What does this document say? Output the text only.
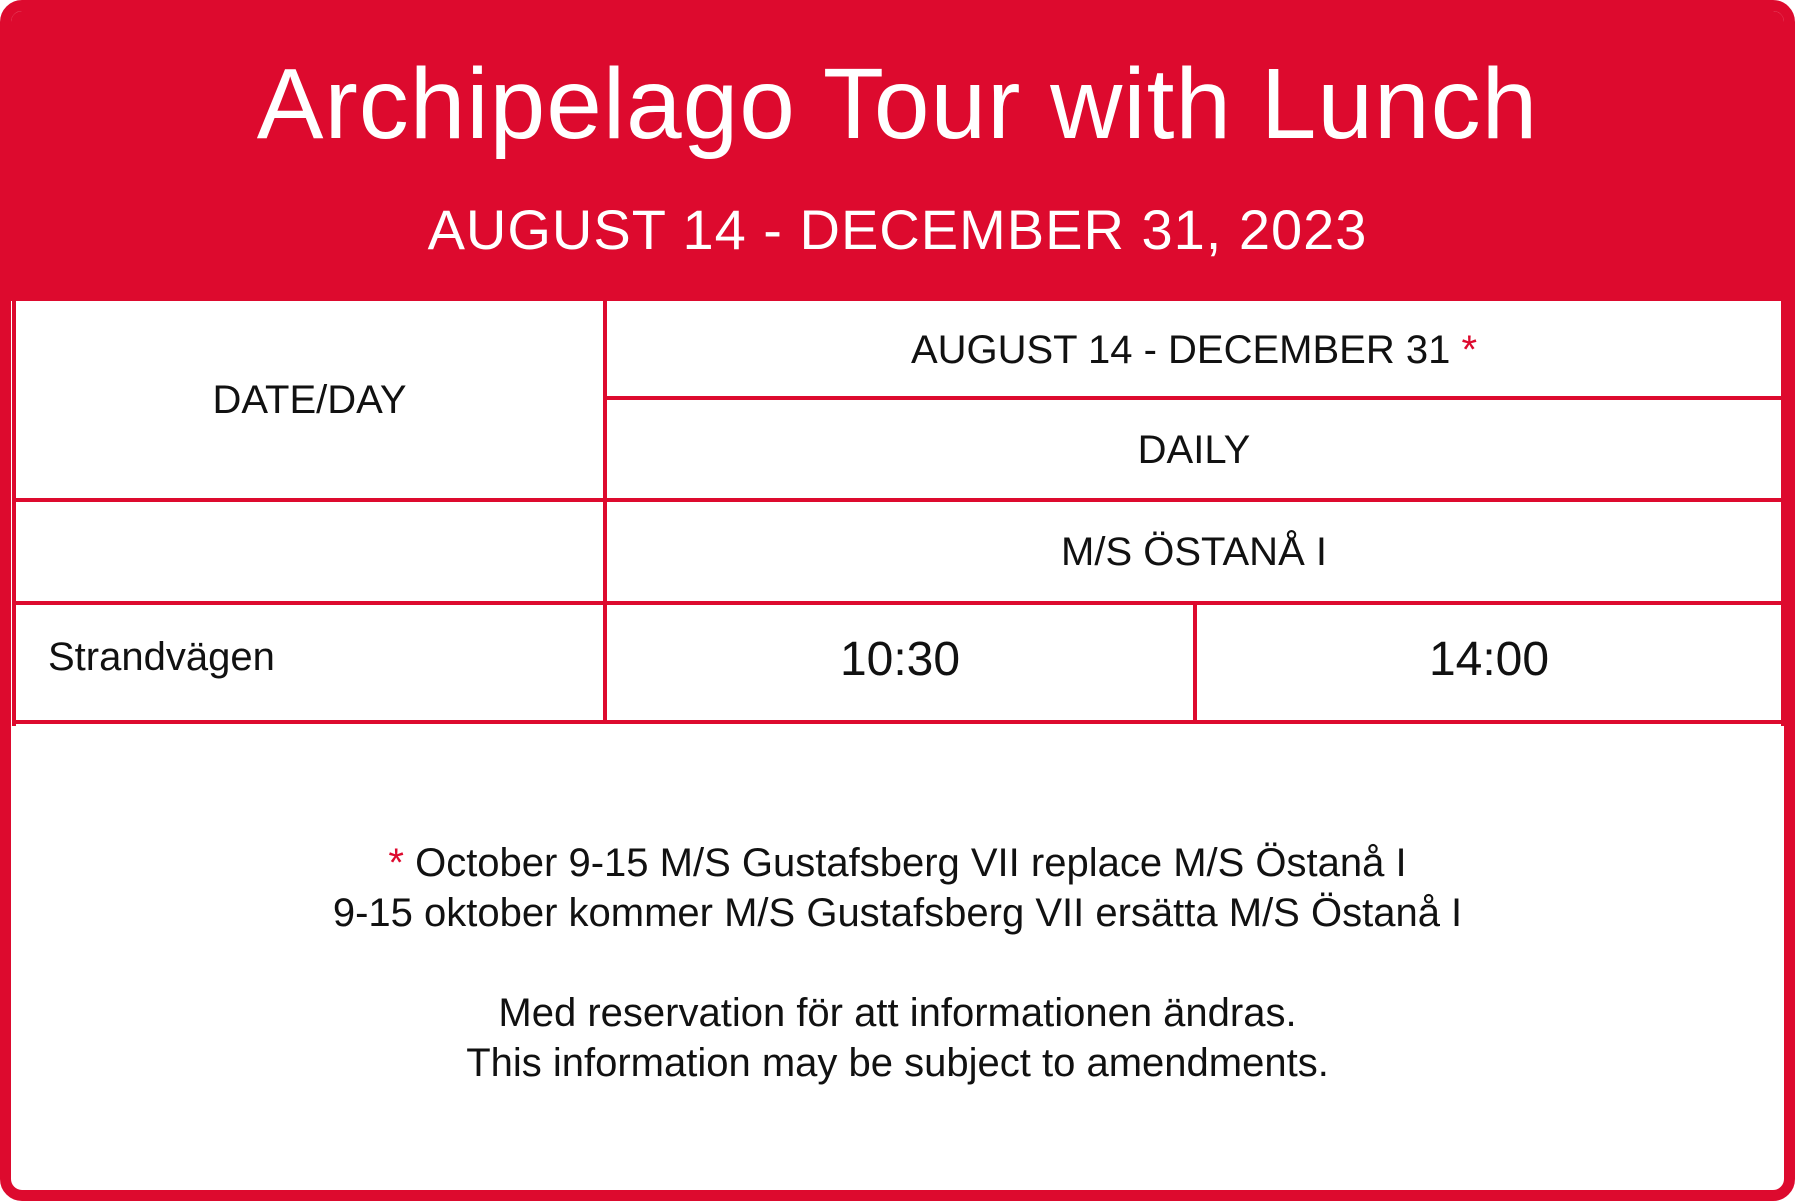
Archipelago Tour with Lunch
AUGUST 14 - DECEMBER 31, 2023
DATE/DAY
AUGUST 14 - DECEMBER 31 *
DAILY
M/S ÖSTANÅ I
Strandvägen	10:30	14:00
* October 9-15 M/S Gustafsberg VII replace M/S Östanå I
9-15 oktober kommer M/S Gustafsberg VII ersätta M/S Östanå I
Med reservation för att informationen ändras.
This information may be subject to amendments.
